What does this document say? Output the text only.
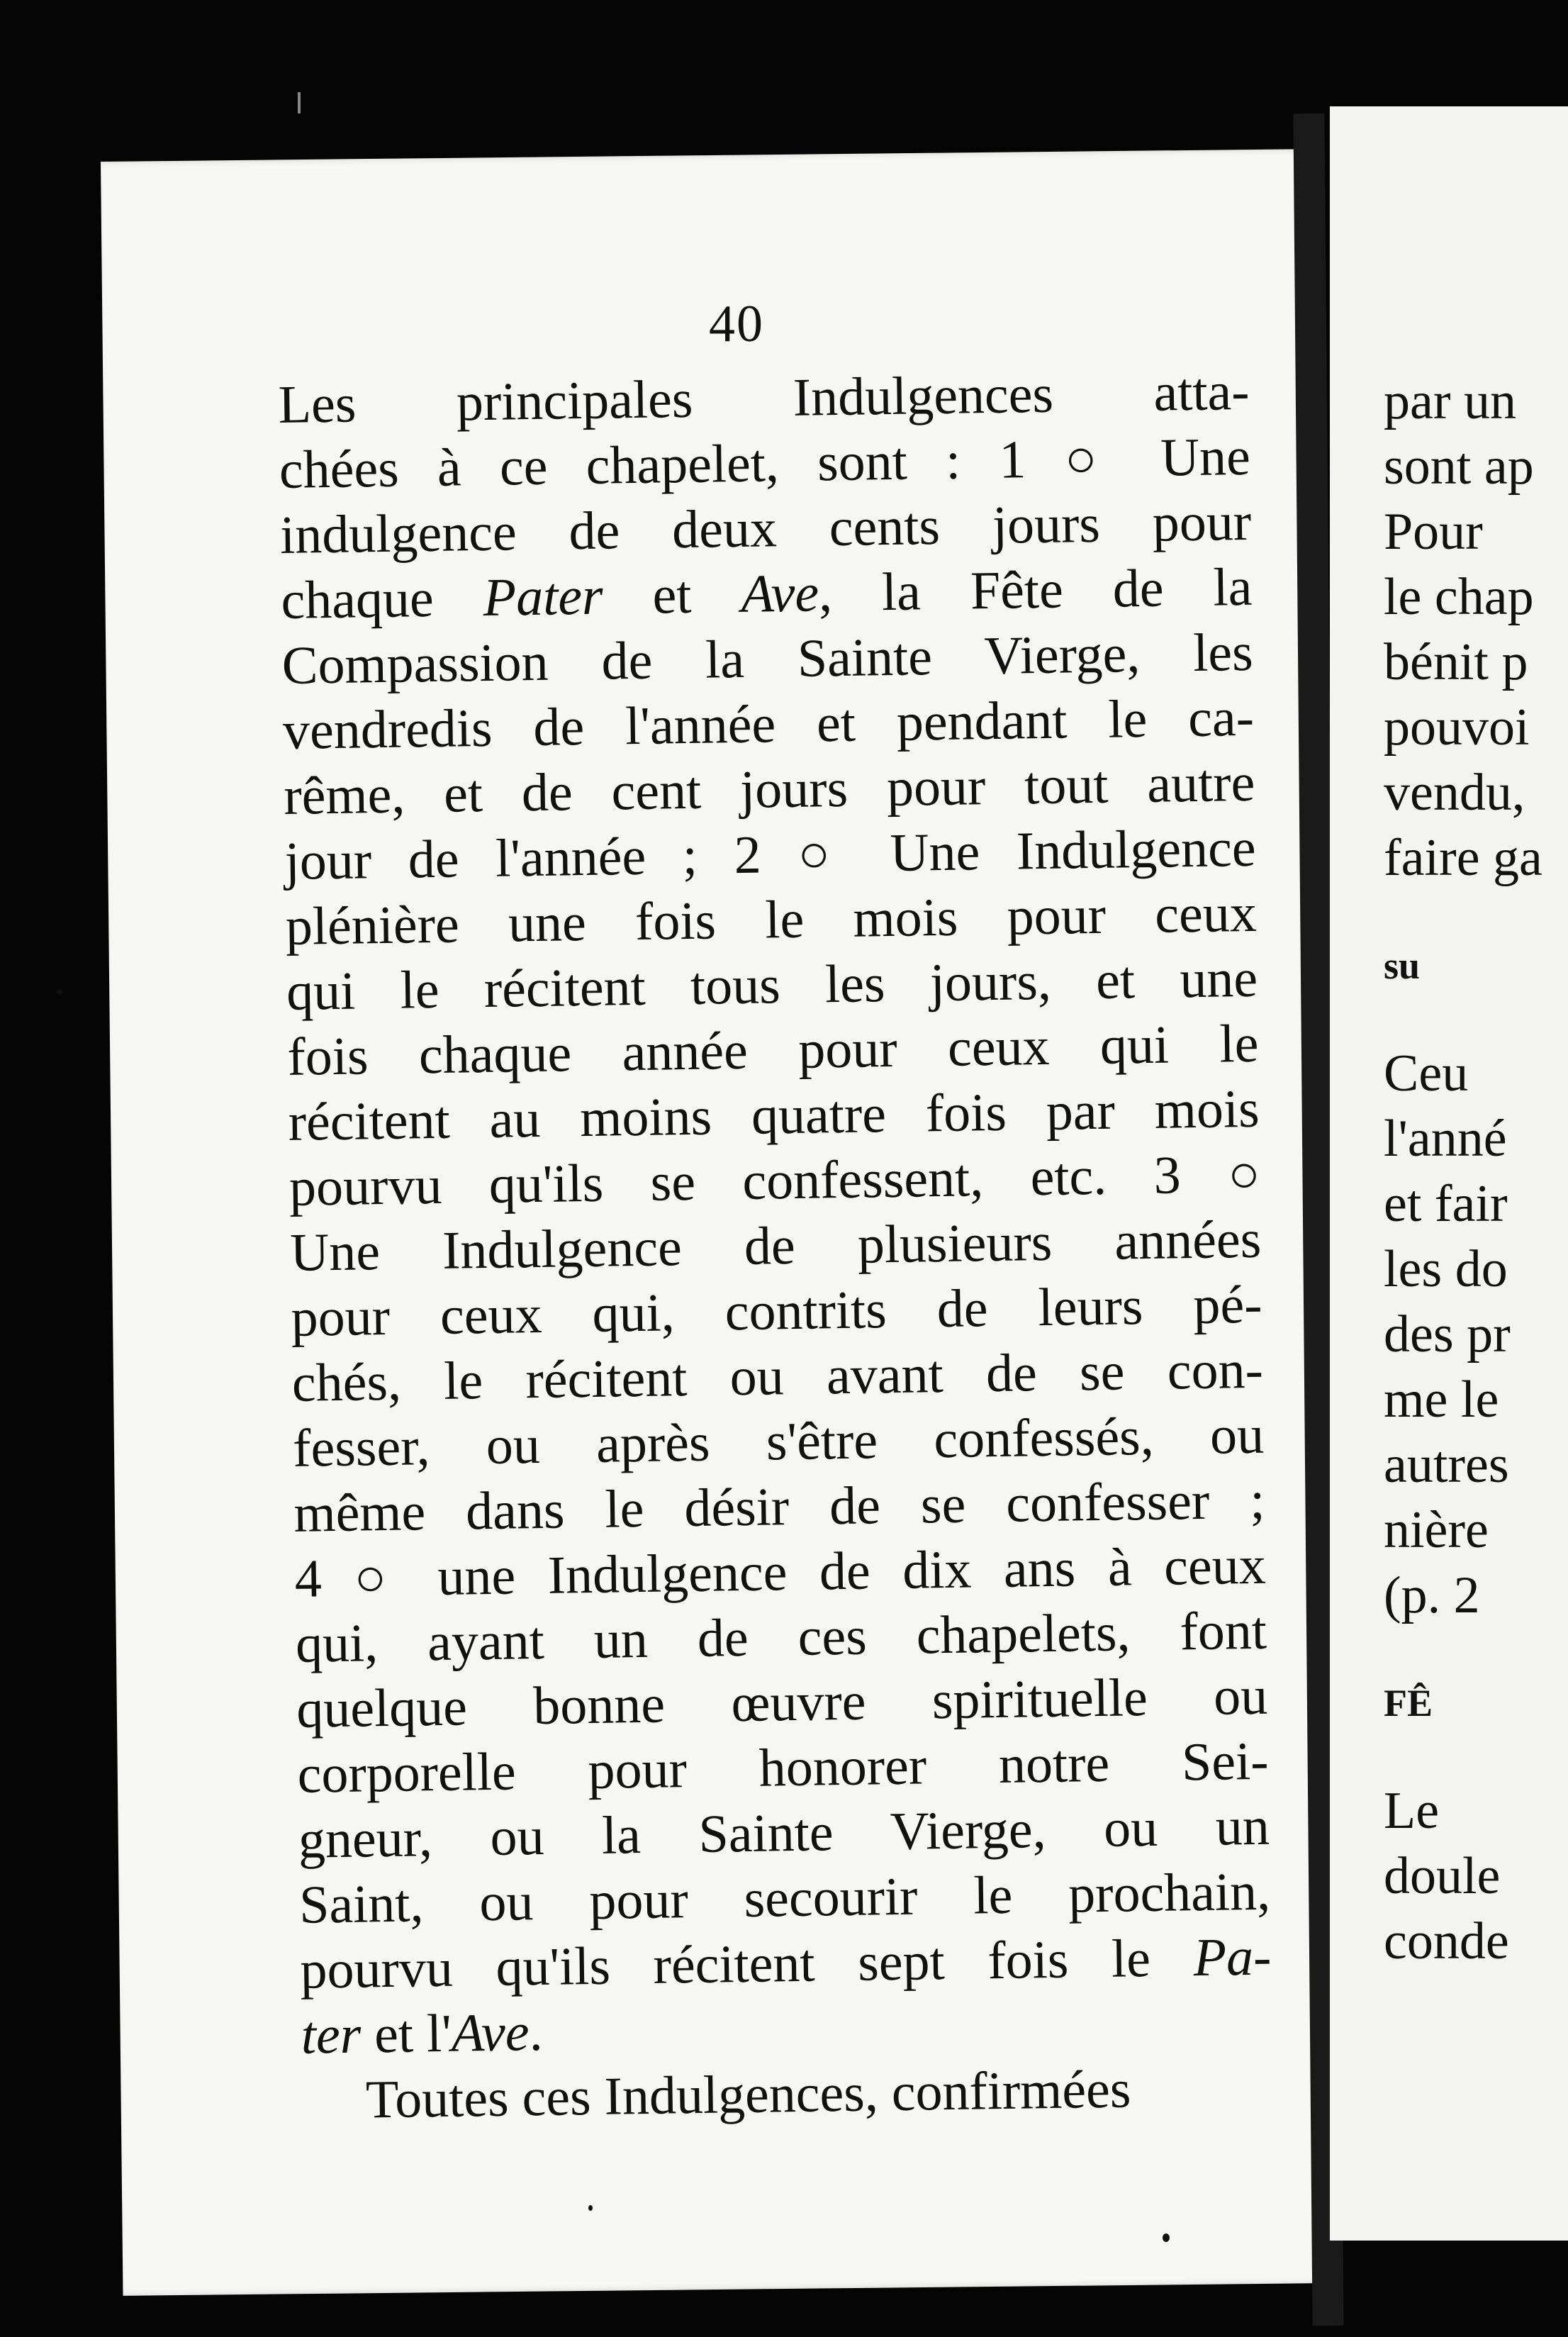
40
Les principales Indulgences atta-
chées à ce chapelet, sont : 1 ○ Une
indulgence de deux cents jours pour
chaque Pater et Ave, la Fête de la
Compassion de la Sainte Vierge, les
vendredis de l'année et pendant le ca-
rême, et de cent jours pour tout autre
jour de l'année ; 2 ○ Une Indulgence
plénière une fois le mois pour ceux
qui le récitent tous les jours, et une
fois chaque année pour ceux qui le
récitent au moins quatre fois par mois
pourvu qu'ils se confessent, etc. 3 ○
Une Indulgence de plusieurs années
pour ceux qui, contrits de leurs pé-
chés, le récitent ou avant de se con-
fesser, ou après s'être confessés, ou
même dans le désir de se confesser ;
4 ○ une Indulgence de dix ans à ceux
qui, ayant un de ces chapelets, font
quelque bonne œuvre spirituelle ou
corporelle pour honorer notre Sei-
gneur, ou la Sainte Vierge, ou un
Saint, ou pour secourir le prochain,
pourvu qu'ils récitent sept fois le Pa-
ter et l'Ave.
Toutes ces Indulgences, confirmées
par un
sont ap
Pour
le chap
bénit p
pouvoi
vendu,
faire ga
su
Ceu
l'anné
et fair
les do
des pr
me le
autres
nière
(p. 2
FÊ
Le
doule
conde
